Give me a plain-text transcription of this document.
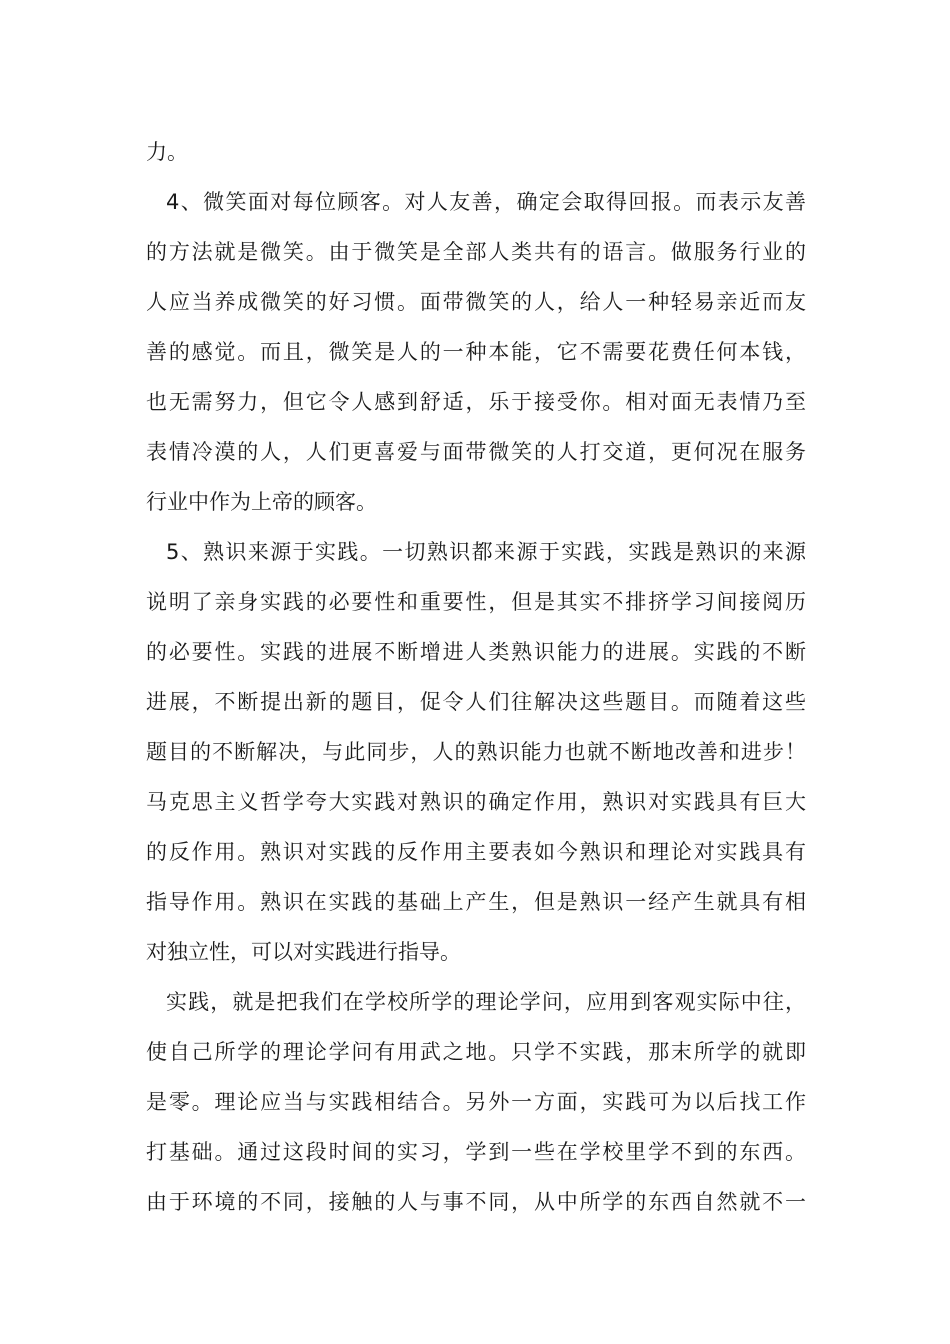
力。
4、微笑面对每位顾客。对人友善，确定会取得回报。而表示友善
的方法就是微笑。由于微笑是全部人类共有的语言。做服务行业的
人应当养成微笑的好习惯。面带微笑的人，给人一种轻易亲近而友
善的感觉。而且，微笑是人的一种本能，它不需要花费任何本钱，
也无需努力，但它令人感到舒适，乐于接受你。相对面无表情乃至
表情冷漠的人，人们更喜爱与面带微笑的人打交道，更何况在服务
行业中作为上帝的顾客。
5、熟识来源于实践。一切熟识都来源于实践，实践是熟识的来源
说明了亲身实践的必要性和重要性，但是其实不排挤学习间接阅历
的必要性。实践的进展不断增进人类熟识能力的进展。实践的不断
进展，不断提出新的题目，促令人们往解决这些题目。而随着这些
题目的不断解决，与此同步，人的熟识能力也就不断地改善和进步！
马克思主义哲学夸大实践对熟识的确定作用，熟识对实践具有巨大
的反作用。熟识对实践的反作用主要表如今熟识和理论对实践具有
指导作用。熟识在实践的基础上产生，但是熟识一经产生就具有相
对独立性，可以对实践进行指导。
实践，就是把我们在学校所学的理论学问，应用到客观实际中往，
使自己所学的理论学问有用武之地。只学不实践，那末所学的就即
是零。理论应当与实践相结合。另外一方面，实践可为以后找工作
打基础。通过这段时间的实习，学到一些在学校里学不到的东西。
由于环境的不同，接触的人与事不同，从中所学的东西自然就不一
